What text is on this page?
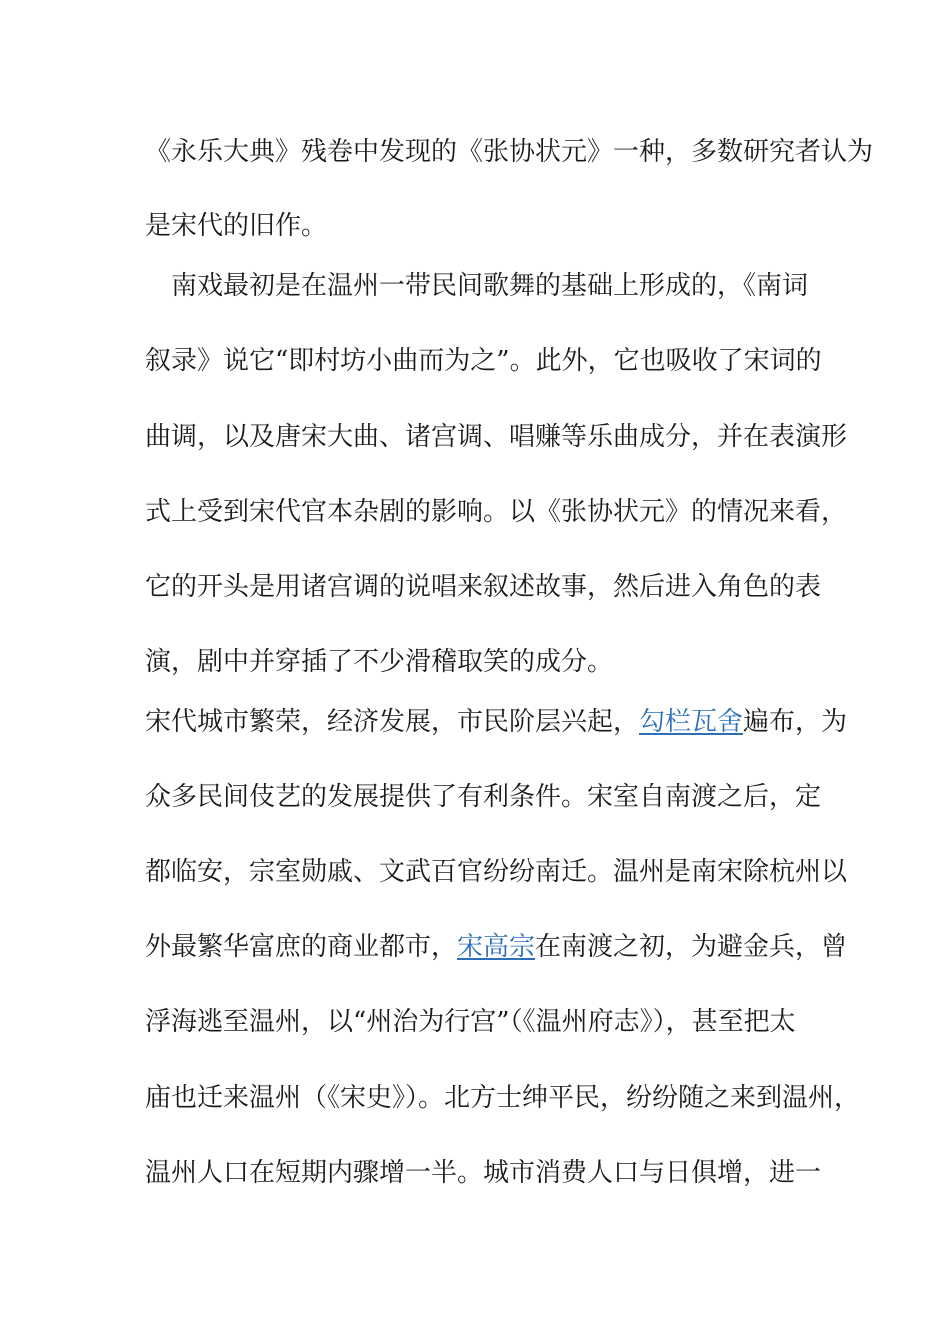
《永乐大典》残卷中发现的《张协状元》一种，多数研究者认为
是宋代的旧作。
南戏最初是在温州一带民间歌舞的基础上形成的，《南词
叙录》说它“即村坊小曲而为之”。此外，它也吸收了宋词的
曲调，以及唐宋大曲、诸宫调、唱赚等乐曲成分，并在表演形
式上受到宋代官本杂剧的影响。以《张协状元》的情况来看，
它的开头是用诸宫调的说唱来叙述故事，然后进入角色的表
演，剧中并穿插了不少滑稽取笑的成分。
宋代城市繁荣，经济发展，市民阶层兴起，勾栏瓦舍遍布，为
众多民间伎艺的发展提供了有利条件。宋室自南渡之后，定
都临安，宗室勋戚、文武百官纷纷南迁。温州是南宋除杭州以
外最繁华富庶的商业都市，宋高宗在南渡之初，为避金兵，曾
浮海逃至温州，以“州治为行宫”（《温州府志》），甚至把太
庙也迁来温州（《宋史》）。北方士绅平民，纷纷随之来到温州，
温州人口在短期内骤增一半。城市消费人口与日俱增，进一
